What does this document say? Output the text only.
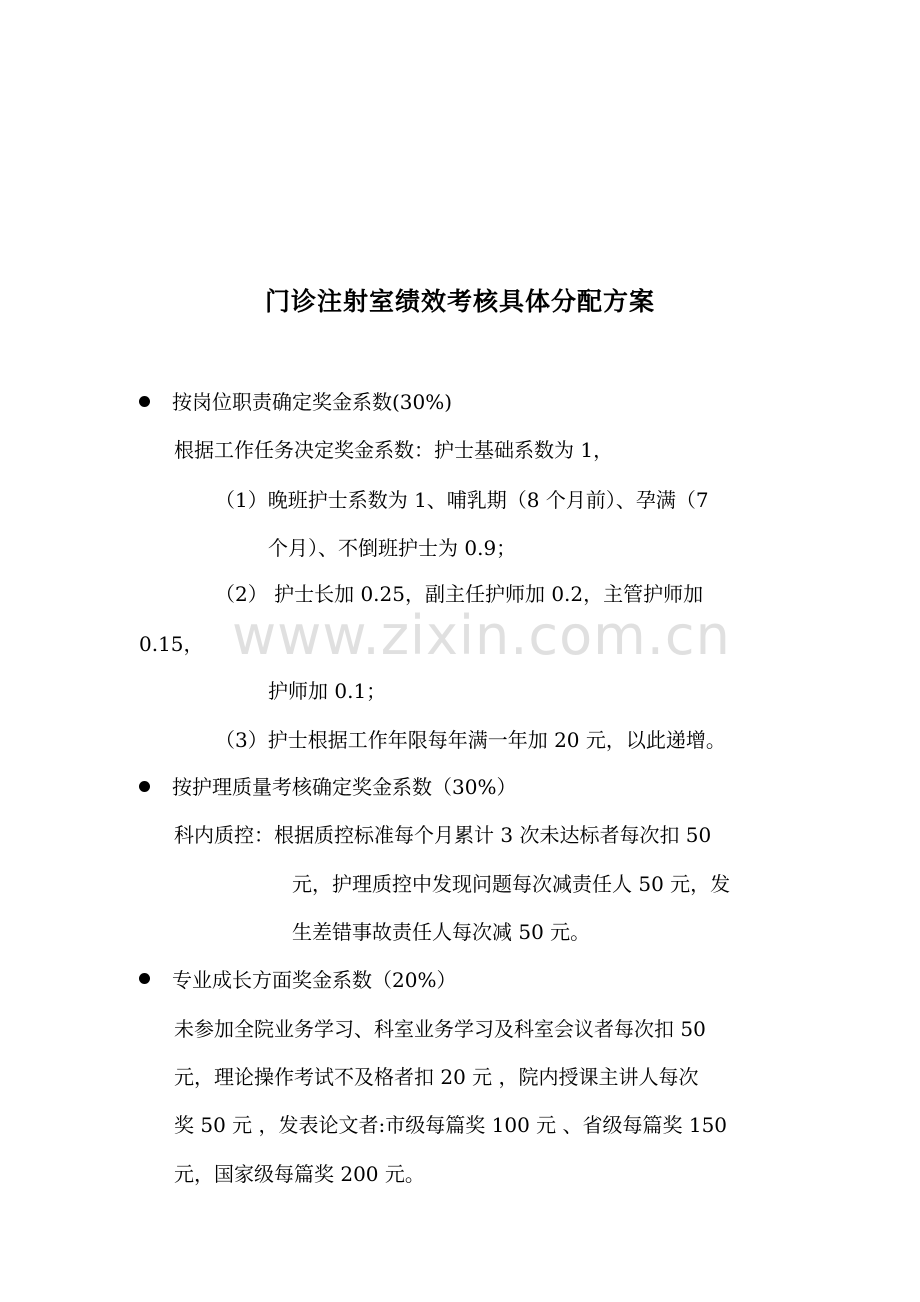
门诊注射室绩效考核具体分配方案
按岗位职责确定奖金系数(30%)
根据工作任务决定奖金系数：护士基础系数为 1，
（1）晚班护士系数为 1、哺乳期（8 个月前）、孕满（7
个月）、不倒班护士为 0.9；
（2） 护士长加 0.25，副主任护师加 0.2，主管护师加
0.15，
护师加 0.1；
（3）护士根据工作年限每年满一年加 20 元，以此递增。
按护理质量考核确定奖金系数（30%）
科内质控：根据质控标准每个月累计 3 次未达标者每次扣 50
元，护理质控中发现问题每次减责任人 50 元，发
生差错事故责任人每次减 50 元。
专业成长方面奖金系数（20%）
未参加全院业务学习、科室业务学习及科室会议者每次扣 50
元，理论操作考试不及格者扣 20 元 ，院内授课主讲人每次
奖 50 元 ，发表论文者:市级每篇奖 100 元 、省级每篇奖 150
元，国家级每篇奖 200 元。
www.zixin.com.cn
